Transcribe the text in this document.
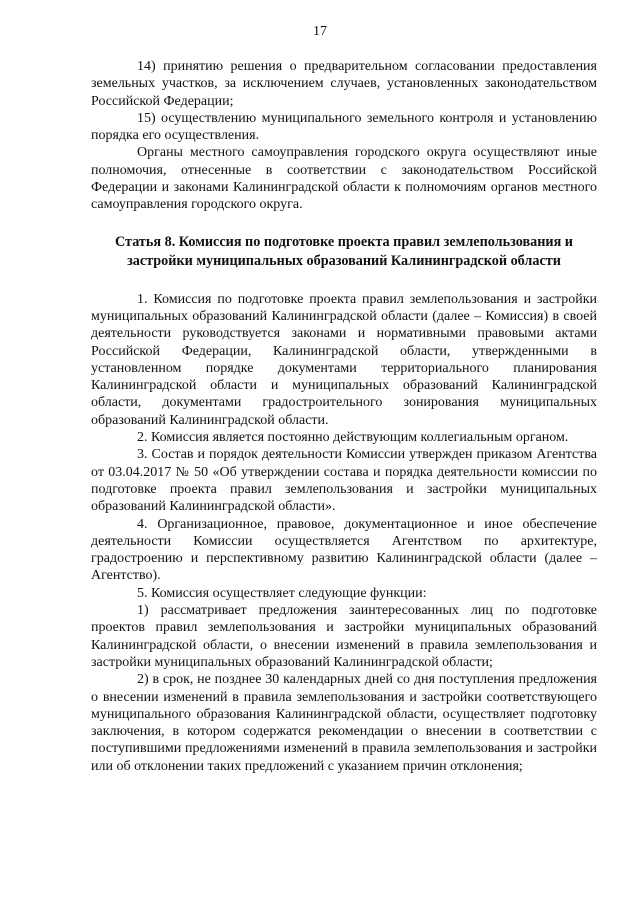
17

14) принятию решения о предварительном согласовании предоставления земельных участков, за исключением случаев, установленных законодательством Российской Федерации;

15) осуществлению муниципального земельного контроля и установлению порядка его осуществления.

Органы местного самоуправления городского округа осуществляют иные полномочия, отнесенные в соответствии с законодательством Российской Федерации и законами Калининградской области к полномочиям органов местного самоуправления городского округа.

Статья 8. Комиссия по подготовке проекта правил землепользования и
застройки муниципальных образований Калининградской области

1. Комиссия по подготовке проекта правил землепользования и застройки муниципальных образований Калининградской области (далее – Комиссия) в своей деятельности руководствуется законами и нормативными правовыми актами Российской Федерации, Калининградской области, утвержденными в установленном порядке документами территориального планирования Калининградской области и муниципальных образований Калининградской области, документами градостроительного зонирования муниципальных образований Калининградской области.

2. Комиссия является постоянно действующим коллегиальным органом.

3. Состав и порядок деятельности Комиссии утвержден приказом Агентства от 03.04.2017 № 50 «Об утверждении состава и порядка деятельности комиссии по подготовке проекта правил землепользования и застройки муниципальных образований Калининградской области».

4. Организационное, правовое, документационное и иное обеспечение деятельности Комиссии осуществляется Агентством по архитектуре, градостроению и перспективному развитию Калининградской области (далее – Агентство).

5. Комиссия осуществляет следующие функции:

1) рассматривает предложения заинтересованных лиц по подготовке проектов правил землепользования и застройки муниципальных образований Калининградской области, о внесении изменений в правила землепользования и застройки муниципальных образований Калининградской области;

2) в срок, не позднее 30 календарных дней со дня поступления предложения о внесении изменений в правила землепользования и застройки соответствующего муниципального образования Калининградской области, осуществляет подготовку заключения, в котором содержатся рекомендации о внесении в соответствии с поступившими предложениями изменений в правила землепользования и застройки или об отклонении таких предложений с указанием причин отклонения;
